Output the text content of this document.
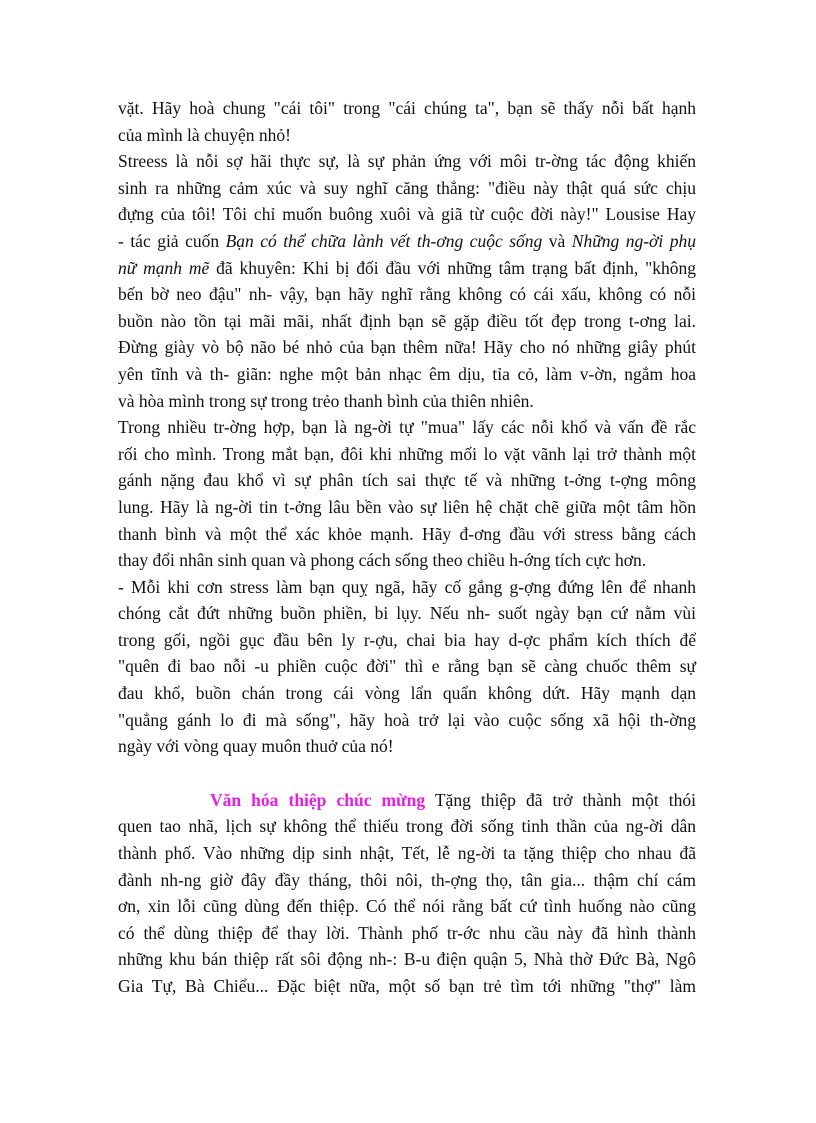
vặt. Hãy hoà chung "cái tôi" trong "cái chúng ta", bạn sẽ thấy nỗi bất hạnh
của mình là chuyện nhỏ!
Streess là nỗi sợ hãi thực sự, là sự phản ứng với môi tr-ờng tác động khiến
sinh ra những cảm xúc và suy nghĩ căng thẳng: "điều này thật quá sức chịu
đựng của tôi! Tôi chỉ muốn buông xuôi và giã từ cuộc đời này!" Lousise Hay
- tác giả cuốn Bạn có thể chữa lành vết th-ơng cuộc sống và Những ng-ời phụ
nữ mạnh mẽ đã khuyên: Khi bị đối đầu với những tâm trạng bất định, "không
bến bờ neo đậu" nh- vậy, bạn hãy nghĩ rằng không có cái xấu, không có nỗi
buồn nào tồn tại mãi mãi, nhất định bạn sẽ gặp điều tốt đẹp trong t-ơng lai.
Đừng giày vò bộ não bé nhỏ của bạn thêm nữa! Hãy cho nó những giây phút
yên tĩnh và th- giãn: nghe một bản nhạc êm dịu, tỉa cỏ, làm v-ờn, ngắm hoa
và hòa mình trong sự trong trẻo thanh bình của thiên nhiên.
Trong nhiều tr-ờng hợp, bạn là ng-ời tự "mua" lấy các nỗi khổ và vấn đề rắc
rối cho mình. Trong mắt bạn, đôi khi những mối lo vặt vãnh lại trở thành một
gánh nặng đau khổ vì sự phân tích sai thực tế và những t-ởng t-ợng mông
lung. Hãy là ng-ời tin t-ởng lâu bền vào sự liên hệ chặt chẽ giữa một tâm hồn
thanh bình và một thể xác khỏe mạnh. Hãy đ-ơng đầu với stress bằng cách
thay đổi nhân sinh quan và phong cách sống theo chiều h-ớng tích cực hơn.
- Mỗi khi cơn stress làm bạn quỵ ngã, hãy cố gắng g-ợng đứng lên để nhanh
chóng cắt đứt những buồn phiền, bi lụy. Nếu nh- suốt ngày bạn cứ nằm vùi
trong gối, ngồi gục đầu bên ly r-ợu, chai bia hay d-ợc phẩm kích thích để
"quên đi bao nỗi -u phiền cuộc đời" thì e rằng bạn sẽ càng chuốc thêm sự
đau khổ, buồn chán trong cái vòng lẩn quẩn không dứt. Hãy mạnh dạn
"quẳng gánh lo đi mà sống", hãy hoà trở lại vào cuộc sống xã hội th-ờng
ngày với vòng quay muôn thuở của nó!
Văn hóa thiệp chúc mừng Tặng thiệp đã trở thành một thói
quen tao nhã, lịch sự không thể thiếu trong đời sống tinh thần của ng-ời dân
thành phố. Vào những dịp sinh nhật, Tết, lễ ng-ời ta tặng thiệp cho nhau đã
đành nh-ng giờ đây đầy tháng, thôi nôi, th-ợng thọ, tân gia... thậm chí cám
ơn, xin lỗi cũng dùng đến thiệp. Có thể nói rằng bất cứ tình huống nào cũng
có thể dùng thiệp để thay lời. Thành phố tr-ớc nhu cầu này đã hình thành
những khu bán thiệp rất sôi động nh-: B-u điện quận 5, Nhà thờ Đức Bà, Ngô
Gia Tự, Bà Chiểu... Đặc biệt nữa, một số bạn trẻ tìm tới những "thợ" làm
